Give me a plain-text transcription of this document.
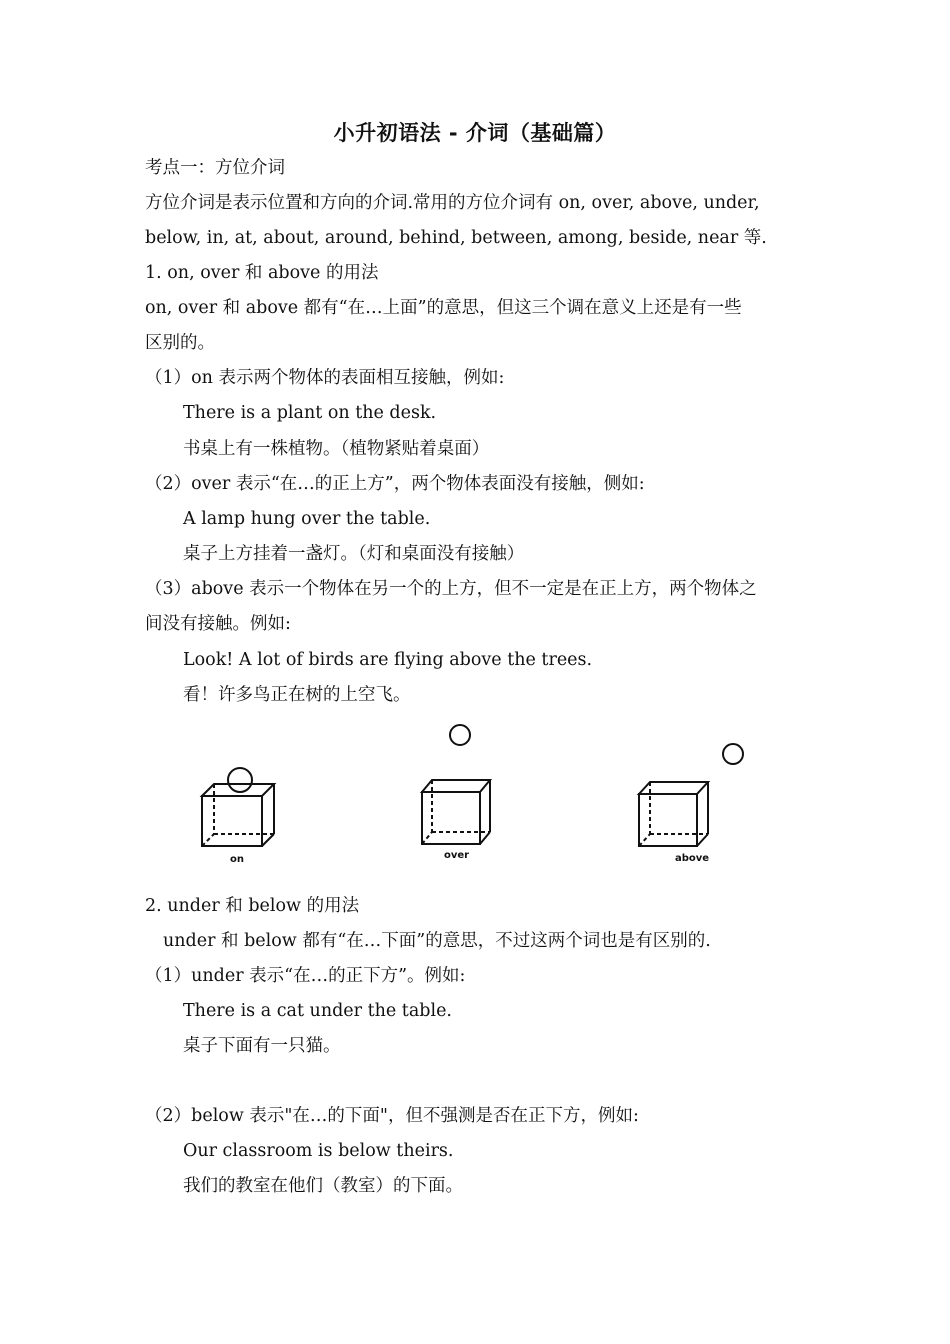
小升初语法 - 介词（基础篇）
考点一：方位介词
方位介词是表示位置和方向的介词.常用的方位介词有 on, over, above, under,
below, in, at, about, around, behind, between, among, beside, near 等.
1. on, over 和 above 的用法
on, over 和 above 都有“在…上面”的意思，但这三个调在意义上还是有一些
区别的。
（1）on 表示两个物体的表面相互接触，例如:
There is a plant on the desk.
书桌上有一株植物。（植物紧贴着桌面）
（2）over 表示“在…的正上方”，两个物体表面没有接触，侧如:
A lamp hung over the table.
桌子上方挂着一盏灯。（灯和桌面没有接触）
（3）above 表示一个物体在另一个的上方，但不一定是在正上方，两个物体之
间没有接触。例如:
Look! A lot of birds are flying above the trees.
看！许多鸟正在树的上空飞。
on	over	above
2. under 和 below 的用法
under 和 below 都有“在…下面”的意思，不过这两个词也是有区别的.
（1）under 表示“在…的正下方”。例如:
There is a cat under the table.
桌子下面有一只猫。
（2）below 表示"在…的下面"，但不强测是否在正下方，例如:
Our classroom is below theirs.
我们的教室在他们（教室）的下面。
